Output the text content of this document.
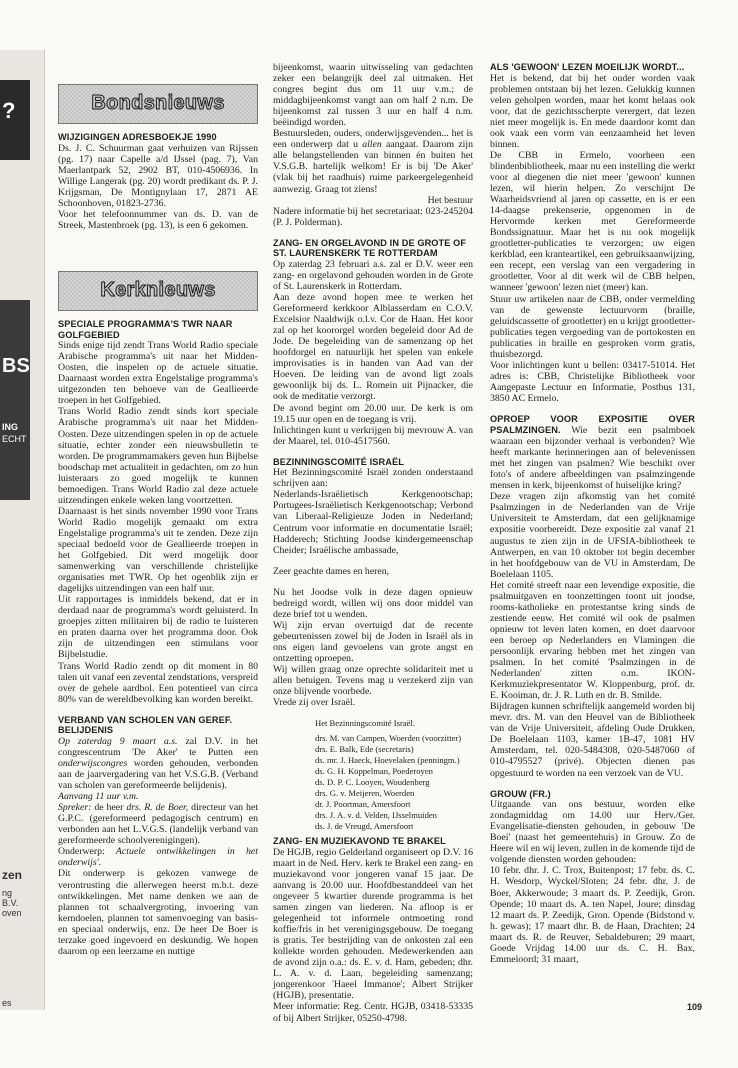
?
BS
ING
ECHT
zen
ng
B.V.
oven
es
Bondsnieuws

WIJZIGINGEN ADRESBOEKJE 1990

Ds. J. C. Schuurman gaat verhuizen van Rijssen (pg. 17) naar Capelle a/d IJssel (pag. 7), Van Maerlantpark 52, 2902 BT, 010-4506936. In Willige Langerak (pg. 20) wordt predikant ds. P. J. Krijgsman, De Montignylaan 17, 2871 AE Schoonhoven, 01823-2736.

Voor het telefoonnummer van ds. D. van de Streek, Mastenbroek (pg. 13), is een 6 gekomen.

Kerknieuws

SPECIALE PROGRAMMA'S TWR NAAR GOLFGEBIED

Sinds enige tijd zendt Trans World Radio speciale Arabische programma's uit naar het Midden-Oosten, die inspelen op de actuele situatie. Daarnaast worden extra Engelstalige programma's uitgezonden ten behoeve van de Geallieerde troepen in het Golfgebied.

Trans World Radio zendt sinds kort speciale Arabische programma's uit naar het Midden-Oosten. Deze uitzendingen spelen in op de actuele situatie, echter zonder een nieuwsbulletin te worden. De programmamakers geven hun Bijbelse boodschap met actualiteit in gedachten, om zo hun luisteraars zo goed mogelijk te kunnen bemoedigen. Trans World Radio zal deze actuele uitzendingen enkele weken lang voortzetten.

Daarnaast is het sinds november 1990 voor Trans World Radio mogelijk gemaakt om extra Engelstalige programma's uit te zenden. Deze zijn speciaal bedoeld voor de Geallieerde troepen in het Golfgebied. Dit werd mogelijk door samenwerking van verschillende christelijke organisaties met TWR. Op het ogenblik zijn er dagelijks uitzendingen van een half uur.

Uit rapportages is inmiddels bekend, dat er in derdaad naar de programma's wordt geluisterd. In groepjes zitten militairen bij de radio te luisteren en praten daarna over het programma door. Ook zijn de uitzendingen een stimulans voor Bijbelstudie.

Trans World Radio zendt op dit moment in 80 talen uit vanaf een zevental zendstations, verspreid over de gehele aardbol. Een potentieel van circa 80% van de wereldbevolking kan worden bereikt.

VERBAND VAN SCHOLEN VAN GEREF. BELIJDENIS

Op zaterdag 9 maart a.s. zal D.V. in het congrescentrum 'De Aker' te Putten een onderwijscongres worden gehouden, verbonden aan de jaarvergadering van het V.S.G.B. (Verband van scholen van gereformeerde belijdenis).

Aanvang 11 uur v.m.

Spreker: de heer drs. R. de Boer, directeur van het G.P.C. (gereformeerd pedagogisch centrum) en verbonden aan het L.V.G.S. (landelijk verband van gereformeerde schoolverenigingen).

Onderwerp: Actuele ontwikkelingen in het onderwijs'.

Dit onderwerp is gekozen vanwege de verontrusting die allerwegen heerst m.b.t. deze ontwikkelingen. Met name denken we aan de plannen tot schaalvergroting, invoering van kerndoelen, plannen tot samenvoeging van basis- en speciaal onderwijs, enz. De heer De Boer is terzake goed ingevoerd en deskundig. We hopen daarom op een leerzame en nuttige

bijeenkomst, waarin uitwisseling van gedachten zeker een belangrijk deel zal uitmaken. Het congres begint dus om 11 uur v.m.; de middagbijeenkomst vangt aan om half 2 n.m. De bijeenkomst zal tussen 3 uur en half 4 n.m. beëindigd worden.

Bestuursleden, ouders, onderwijsgevenden... het is een onderwerp dat u allen aangaat. Daarom zijn alle belangstellenden van binnen én buiten het V.S.G.B. hartelijk welkom! Er is bij 'De Aker' (vlak bij het raadhuis) ruime parkeergelegenheid aanwezig. Graag tot ziens!

Het bestuur

Nadere informatie bij het secretariaat: 023-245204 (P. J. Polderman).

ZANG- EN ORGELAVOND IN DE GROTE OF ST. LAURENSKERK TE ROTTERDAM

Op zaterdag 23 februari a.s. zal er D.V. weer een zang- en orgelavond gehouden worden in de Grote of St. Laurenskerk in Rotterdam.

Aan deze avond hopen mee te werken het Gereformeerd kerkkoor Alblasserdam en C.O.V. Excelsior Naaldwijk o.l.v. Cor de Haan. Het koor zal op het koororgel worden begeleid door Ad de Jode. De begeleiding van de samenzang op het hoofdorgel en natuurlijk het spelen van enkele improvisaties is in handen van Aad van der Hoeven. De leiding van de avond ligt zoals gewoonlijk bij ds. L. Romein uit Pijnacker, die ook de meditatie verzorgt.

De avond begint om 20.00 uur. De kerk is om 19.15 uur open en de toegang is vrij.

Inlichtingen kunt u verkrijgen bij mevrouw A. van der Maarel, tel. 010-4517560.

BEZINNINGSCOMITÉ ISRAËL

Het Bezinningscomité Israël zonden onderstaand schrijven aan:

Nederlands-Israëlietisch Kerkgenootschap; Portugees-Israëlietisch Kerkgenootschap; Verbond van Liberaal-Religieuze Joden in Nederland; Centrum voor informatie en documentatie Israël; Hadderech; Stichting Joodse kindergemeenschap Cheider; Israëlische ambassade,

Zeer geachte dames en heren,

Nu het Joodse volk in deze dagen opnieuw bedreigd wordt, willen wij ons door middel van deze brief tot u wenden.

Wij zijn ervan overtuigd dat de recente gebeurtenissen zowel bij de Joden in Israël als in ons eigen land gevoelens van grote angst en ontzetting oproepen.

Wij willen graag onze oprechte solidariteit met u allen betuigen. Tevens mag u verzekerd zijn van onze blijvende voorbede.

Vrede zij over Israël.

Het Bezinningscomité Israël.

drs. M. van Campen, Woerden (voorzitter)

drs. E. Balk, Ede (secretaris)

ds. mr. J. Haeck, Hoevelaken (penningm.)

ds. G. H. Koppelman, Poederoyen

ds. D. P. C. Looyen, Woudenberg

drs. G. v. Meijeren, Woerden

dr. J. Poortman, Amersfoort

drs. J. A. v. d. Velden, IJsselmuiden

ds. J. de Vreugd, Amersfoort

ZANG- EN MUZIEKAVOND TE BRAKEL

De HGJB, regio Gelderland organiseert op D.V. 16 maart in de Ned. Herv. kerk te Brakel een zang- en muziekavond voor jongeren vanaf 15 jaar. De aanvang is 20.00 uur. Hoofdbestanddeel van het ongeveer 5 kwartier durende programma is het samen zingen van liederen. Na afloop is er gelegenheid tot informele ontmoeting rond koffie/fris in het verenigingsgebouw. De toegang is gratis. Ter bestrijding van de onkosten zal een kollekte worden gehouden. Medewerkenden aan de avond zijn o.a.: ds. E. v. d. Ham, gebeden; dhr. L. A. v. d. Laan, begeleiding samenzang; jongerenkoor 'Haeel Immanoe'; Albert Strijker (HGJB), presentatie.

Meer informatie: Reg. Centr. HGJB, 03418-53335 of bij Albert Strijker, 05250-4798.

ALS 'GEWOON' LEZEN MOEILIJK WORDT...

Het is bekend, dat bij het ouder worden vaak problemen ontstaan bij het lezen. Gelukkig kunnen velen geholpen worden, maar het komt helaas ook voor, dat de gezichtsscherpte verergert, dat lezen niet meer mogelijk is. En mede daardoor komt dan ook vaak een vorm van eenzaamheid het leven binnen.

De CBB in Ermelo, voorheen een blindenbibliotheek, maar nu een instelling die werkt voor al diegenen die niet meer 'gewoon' kunnen lezen, wil hierin helpen. Zo verschijnt De Waarheidsvriend al jaren op cassette, en is er een 14-daagse prekenserie, opgenomen in de Hervormde kerken met Gereformeerde Bondssignatuur. Maar het is nu ook mogelijk grootletter-publicaties te verzorgen; uw eigen kerkblad, een kranteartikel, een gebruiksaanwijzing, een recept, een verslag van een vergadering in grootletter. Voor al dit werk wil de CBB helpen, wanneer 'gewoon' lezen niet (meer) kan.

Stuur uw artikelen naar de CBB, onder vermelding van de gewenste lectuurvorm (braille, geluidscassette of grootletter) en u krijgt grootletter-publicaties tegen vergoeding van de portokosten en publicaties in braille en gesproken vorm gratis, thuisbezorgd.

Voor inlichtingen kunt u bellen: 03417-51014. Het adres is: CBB, Christelijke Bibliotheek voor Aangepaste Lectuur en Informatie, Postbus 131, 3850 AC Ermelo.

OPROEP VOOR EXPOSITIE OVER PSALMZINGEN. Wie bezit een psalmboek waaraan een bijzonder verhaal is verbonden? Wie heeft markante herinneringen aan of belevenissen met het zingen van psalmen? Wie beschikt over foto's of andere afbeeldingen van psalmzingende mensen in kerk, bijeenkomst of huiselijke kring?

Deze vragen zijn afkomstig van het comité Psalmzingen in de Nederlanden van de Vrije Universiteit te Amsterdam, dat een gelijknamige expositie voorbereidt. Deze expositie zal vanaf 21 augustus te zien zijn in de UFSIA-bibliotheek te Antwerpen, en van 10 oktober tot begin december in het hoofdgebouw van de VU in Amsterdam, De Boelelaan 1105.

Het comité streeft naar een levendige expositie, die psalmuitgaven en toonzettingen toont uit joodse, rooms-katholieke en protestantse kring sinds de zestiende eeuw. Het comité wil ook de psalmen opnieuw tot leven laten komen, en doet daarvoor een beroep op Nederlanders en Vlamingen die persoonlijk ervaring hebben met het zingen van psalmen. In het comité 'Psalmzingen in de Nederlanden' zitten o.m. IKON-Kerkmuziekpresentator W. Kloppenburg, prof. dr. E. Kooiman, dr. J. R. Luth en dr. B. Smilde.

Bijdragen kunnen schriftelijk aangemeld worden bij mevr. drs. M. van den Heuvel van de Bibliotheek van de Vrije Universiteit, afdeling Oude Drukken, De Boelelaan 1103, kamer 1B-47, 1081 HV Amsterdam, tel. 020-5484308, 020-5487060 of 010-4795527 (privé). Objecten dienen pas opgestuurd te worden na een verzoek van de VU.

GROUW (FR.)

Uitgaande van ons bestuur, worden elke zondagmiddag om 14.00 uur Herv./Ger. Evangelisatie-diensten gehouden, in gebouw 'De Boei' (naast het gemeentehuis) in Grouw. Zo de Heere wil en wij leven, zullen in de komende tijd de volgende diensten worden gehouden:

10 febr. dhr. J. C. Trox, Buitenpost; 17 febr. ds. C. H. Wesdorp, Wyckel/Sloten; 24 febr. dhr. J. de Boer, Akkerwoude; 3 maart ds. P. Zeedijk, Gron. Opende; 10 maart ds. A. ten Napel, Joure; dinsdag 12 maart ds. P. Zeedijk, Gron. Opende (Bidstond v. h. gewas); 17 maart dhr. B. de Haan, Drachten; 24 maart ds. R. de Reuver, Sebaldeburen; 29 maart, Goede Vrijdag 14.00 uur ds. C. H. Bax, Emmeloord; 31 maart,

109
